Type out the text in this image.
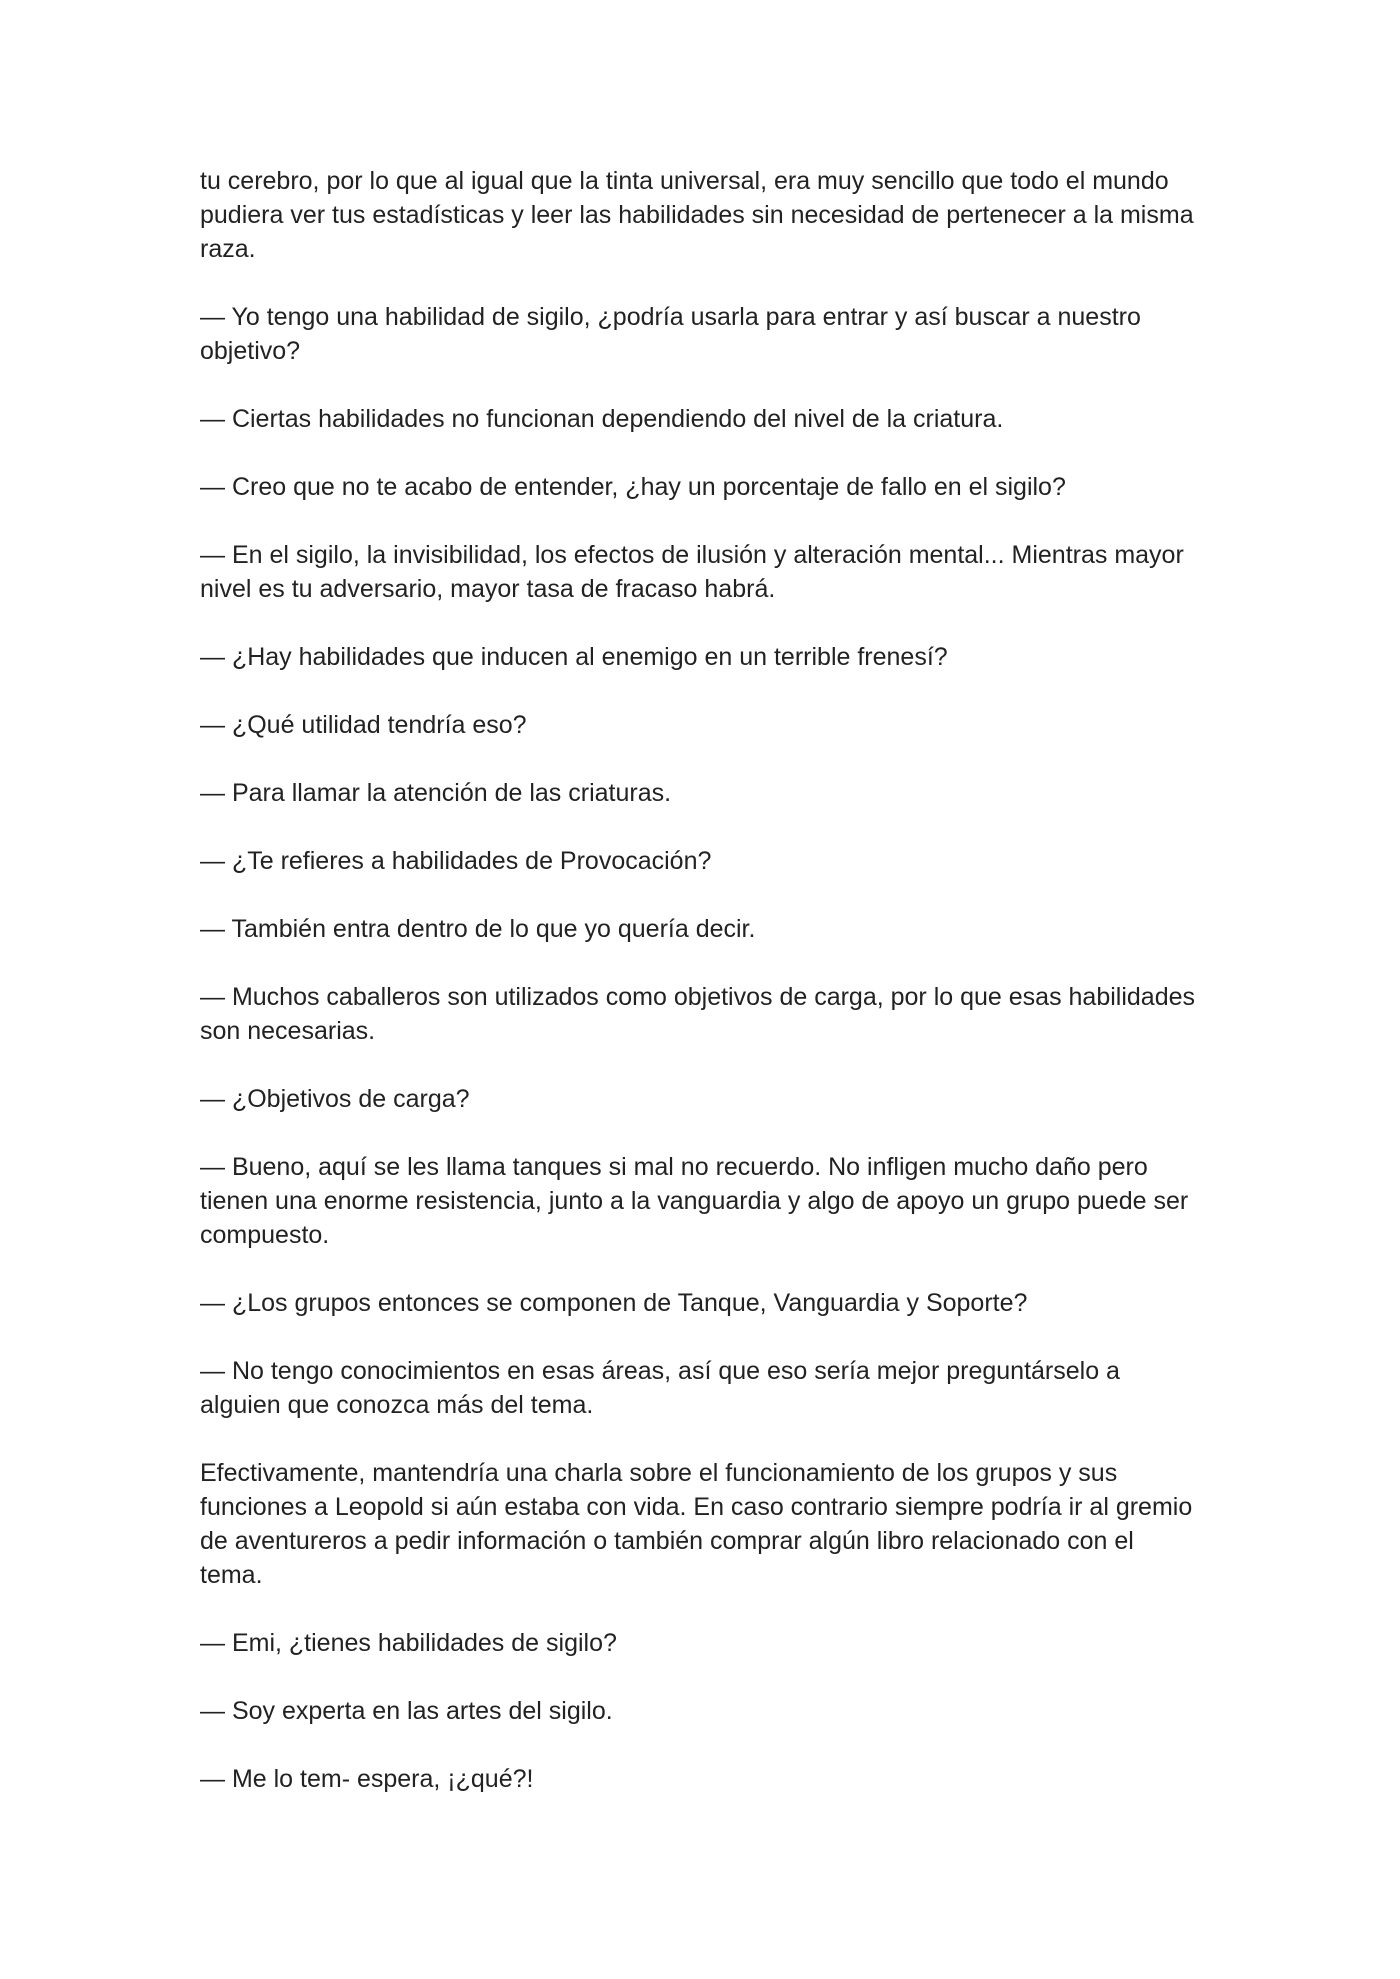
tu cerebro, por lo que al igual que la tinta universal, era muy sencillo que todo el mundo pudiera ver tus estadísticas y leer las habilidades sin necesidad de pertenecer a la misma raza.

— Yo tengo una habilidad de sigilo, ¿podría usarla para entrar y así buscar a nuestro objetivo?

— Ciertas habilidades no funcionan dependiendo del nivel de la criatura.

— Creo que no te acabo de entender, ¿hay un porcentaje de fallo en el sigilo?

— En el sigilo, la invisibilidad, los efectos de ilusión y alteración mental... Mientras mayor nivel es tu adversario, mayor tasa de fracaso habrá.

— ¿Hay habilidades que inducen al enemigo en un terrible frenesí?

— ¿Qué utilidad tendría eso?

— Para llamar la atención de las criaturas.

— ¿Te refieres a habilidades de Provocación?

— También entra dentro de lo que yo quería decir.

— Muchos caballeros son utilizados como objetivos de carga, por lo que esas habilidades son necesarias.

— ¿Objetivos de carga?

— Bueno, aquí se les llama tanques si mal no recuerdo. No infligen mucho daño pero tienen una enorme resistencia, junto a la vanguardia y algo de apoyo un grupo puede ser compuesto.

— ¿Los grupos entonces se componen de Tanque, Vanguardia y Soporte?

— No tengo conocimientos en esas áreas, así que eso sería mejor preguntárselo a alguien que conozca más del tema.

Efectivamente, mantendría una charla sobre el funcionamiento de los grupos y sus funciones a Leopold si aún estaba con vida. En caso contrario siempre podría ir al gremio de aventureros a pedir información o también comprar algún libro relacionado con el tema.

— Emi, ¿tienes habilidades de sigilo?

— Soy experta en las artes del sigilo.

— Me lo tem- espera, ¡¿qué?!
